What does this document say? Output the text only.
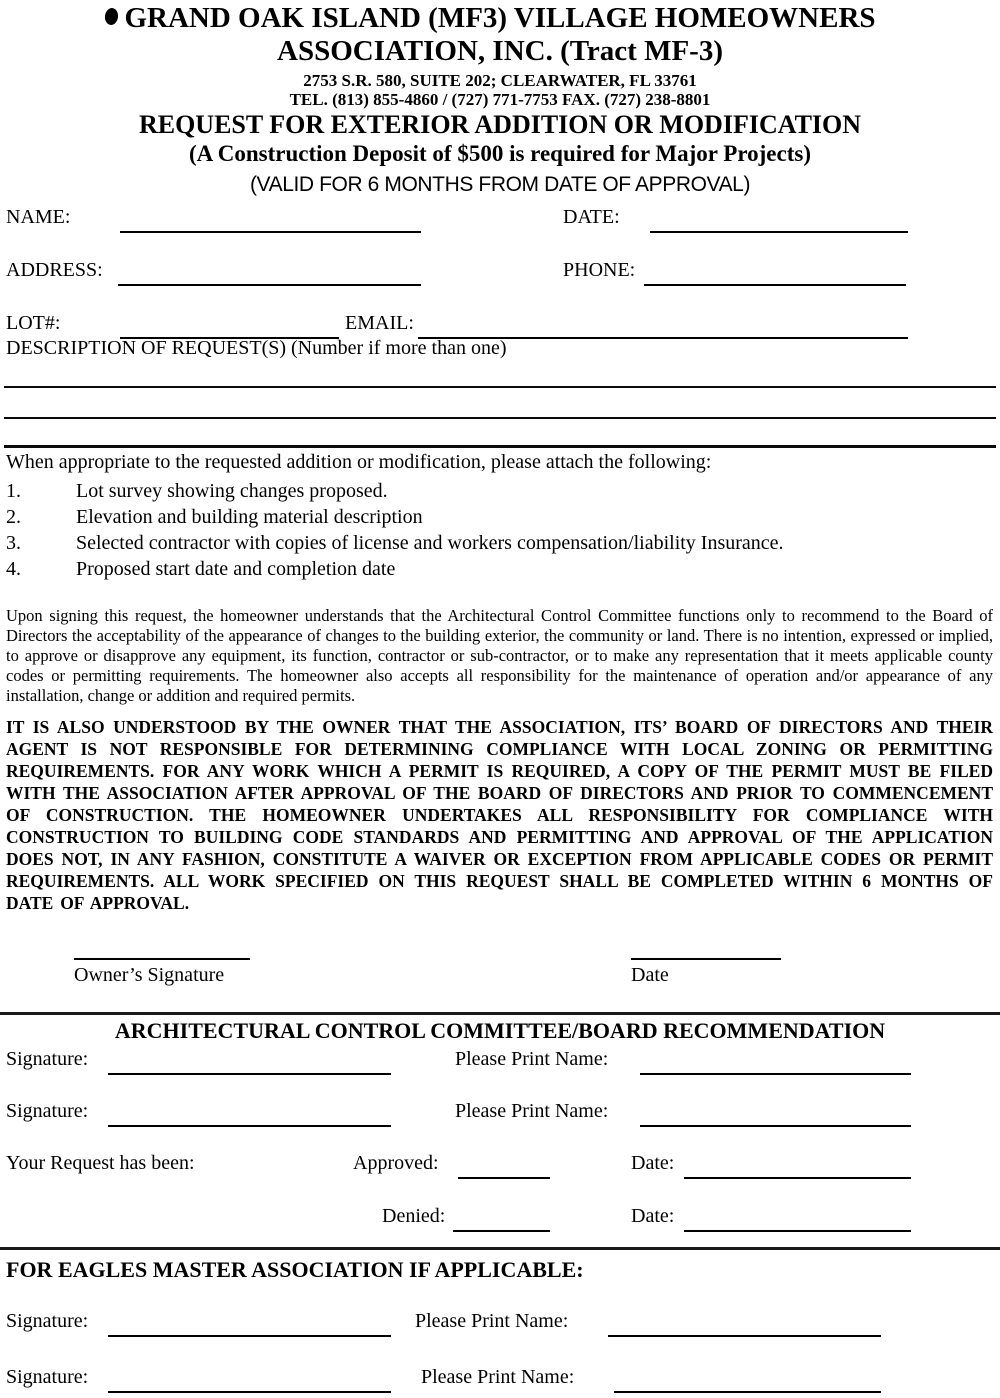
GRAND OAK ISLAND (MF3) VILLAGE HOMEOWNERS
ASSOCIATION, INC. (Tract MF-3)
2753 S.R. 580, SUITE 202; CLEARWATER, FL 33761
TEL. (813) 855-4860 / (727) 771-7753 FAX. (727) 238-8801
REQUEST FOR EXTERIOR ADDITION OR MODIFICATION
(A Construction Deposit of $500 is required for Major Projects)
(VALID FOR 6 MONTHS FROM DATE OF APPROVAL)
NAME:	DATE:
ADDRESS:	PHONE:
LOT#:	EMAIL:
DESCRIPTION OF REQUEST(S) (Number if more than one)
When appropriate to the requested addition or modification, please attach the following:
1.	Lot survey showing changes proposed.
2.	Elevation and building material description
3.	Selected contractor with copies of license and workers compensation/liability Insurance.
4.	Proposed start date and completion date
Upon signing this request, the homeowner understands that the Architectural Control Committee functions only to recommend to the Board of Directors the acceptability of the appearance of changes to the building exterior, the community or land. There is no intention, expressed or implied, to approve or disapprove any equipment, its function, contractor or sub-contractor, or to make any representation that it meets applicable county codes or permitting requirements. The homeowner also accepts all responsibility for the maintenance of operation and/or appearance of any installation, change or addition and required permits.
IT IS ALSO UNDERSTOOD BY THE OWNER THAT THE ASSOCIATION, ITS’ BOARD OF DIRECTORS AND THEIR AGENT IS NOT RESPONSIBLE FOR DETERMINING COMPLIANCE WITH LOCAL ZONING OR PERMITTING REQUIREMENTS. FOR ANY WORK WHICH A PERMIT IS REQUIRED, A COPY OF THE PERMIT MUST BE FILED WITH THE ASSOCIATION AFTER APPROVAL OF THE BOARD OF DIRECTORS AND PRIOR TO COMMENCEMENT OF CONSTRUCTION. THE HOMEOWNER UNDERTAKES ALL RESPONSIBILITY FOR COMPLIANCE WITH CONSTRUCTION TO BUILDING CODE STANDARDS AND PERMITTING AND APPROVAL OF THE APPLICATION DOES NOT, IN ANY FASHION, CONSTITUTE A WAIVER OR EXCEPTION FROM APPLICABLE CODES OR PERMIT REQUIREMENTS. ALL WORK SPECIFIED ON THIS REQUEST SHALL BE COMPLETED WITHIN 6 MONTHS OF DATE OF APPROVAL.
Owner’s Signature	Date
ARCHITECTURAL CONTROL COMMITTEE/BOARD RECOMMENDATION
Signature:	Please Print Name:
Signature:	Please Print Name:
Your Request has been:	Approved:	Date:
Denied:	Date:
FOR EAGLES MASTER ASSOCIATION IF APPLICABLE:
Signature:	Please Print Name:
Signature:	Please Print Name:
